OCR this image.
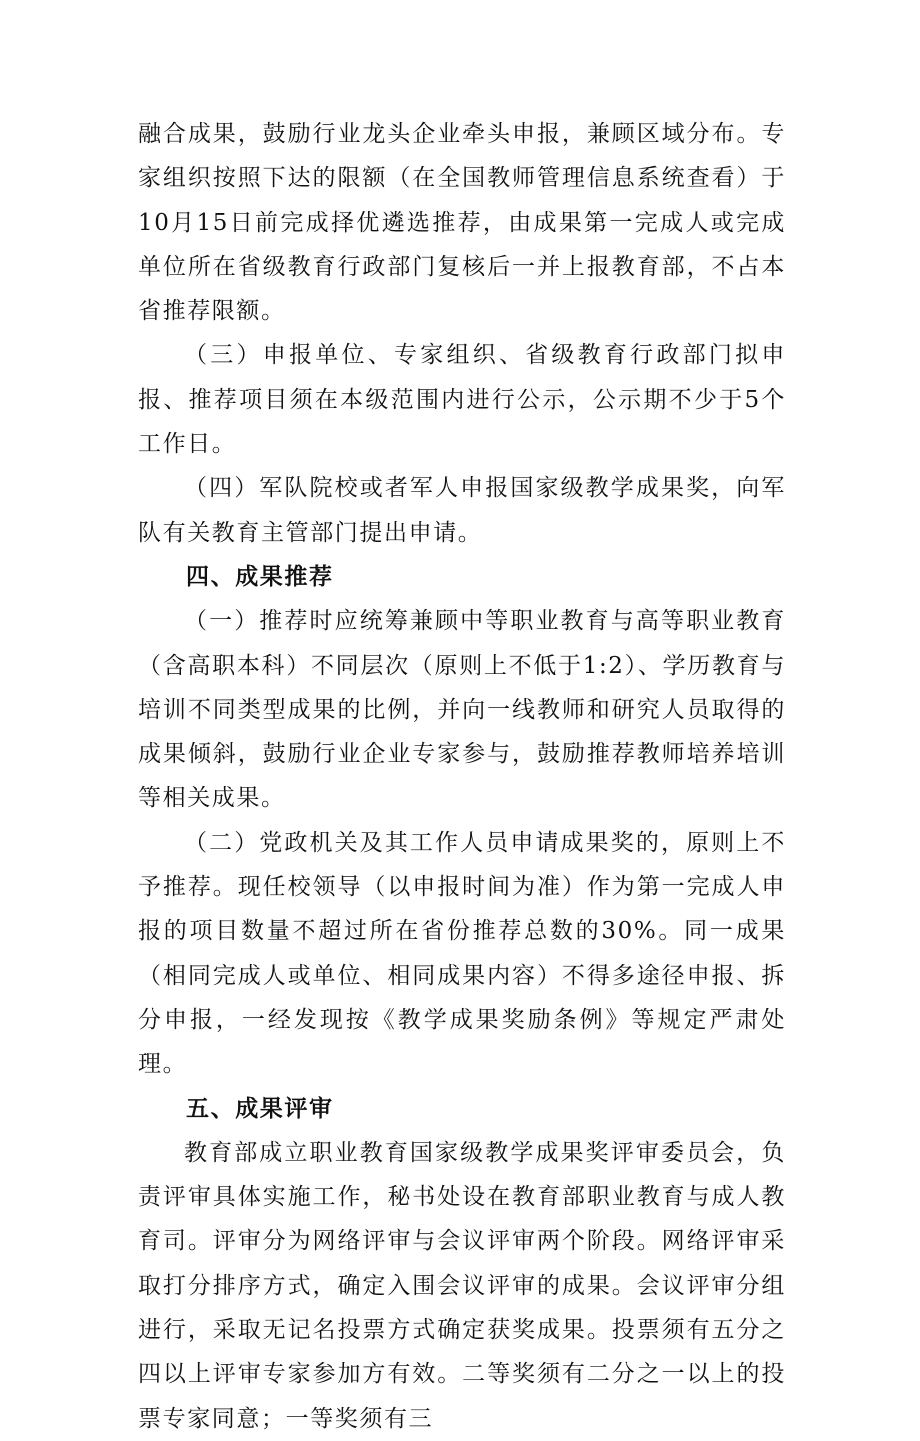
融合成果，鼓励行业龙头企业牵头申报，兼顾区域分布。专家组织按照下达的限额（在全国教师管理信息系统查看）于10月15日前完成择优遴选推荐，由成果第一完成人或完成单位所在省级教育行政部门复核后一并上报教育部，不占本省推荐限额。

（三）申报单位、专家组织、省级教育行政部门拟申报、推荐项目须在本级范围内进行公示，公示期不少于5个工作日。

（四）军队院校或者军人申报国家级教学成果奖，向军队有关教育主管部门提出申请。

四、成果推荐

（一）推荐时应统筹兼顾中等职业教育与高等职业教育（含高职本科）不同层次（原则上不低于1:2）、学历教育与培训不同类型成果的比例，并向一线教师和研究人员取得的成果倾斜，鼓励行业企业专家参与，鼓励推荐教师培养培训等相关成果。

（二）党政机关及其工作人员申请成果奖的，原则上不予推荐。现任校领导（以申报时间为准）作为第一完成人申报的项目数量不超过所在省份推荐总数的30%。同一成果（相同完成人或单位、相同成果内容）不得多途径申报、拆分申报，一经发现按《教学成果奖励条例》等规定严肃处理。

五、成果评审

教育部成立职业教育国家级教学成果奖评审委员会，负责评审具体实施工作，秘书处设在教育部职业教育与成人教育司。评审分为网络评审与会议评审两个阶段。网络评审采取打分排序方式，确定入围会议评审的成果。会议评审分组进行，采取无记名投票方式确定获奖成果。投票须有五分之四以上评审专家参加方有效。二等奖须有二分之一以上的投票专家同意；一等奖须有三
